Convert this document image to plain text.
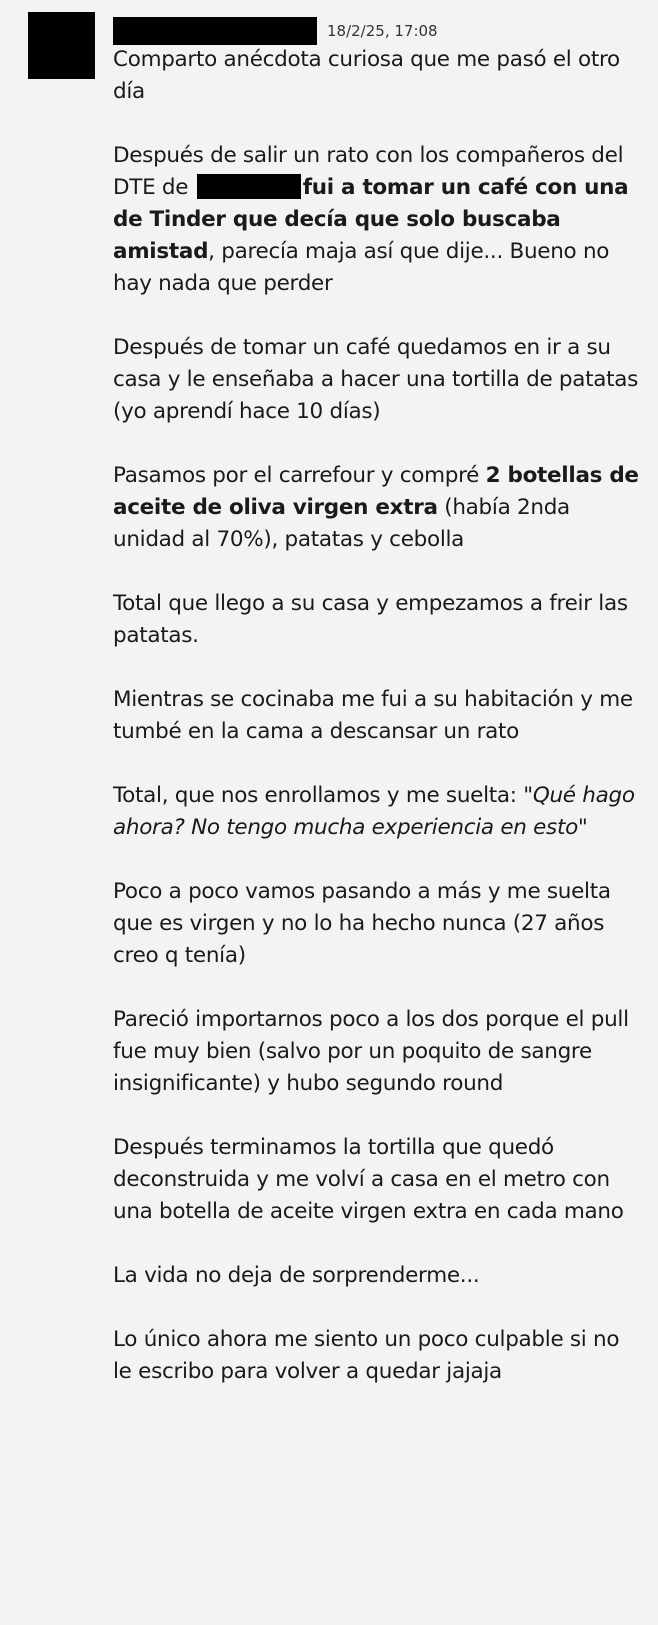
18/2/25, 17:08

Comparto anécdota curiosa que me pasó el otro día

Después de salir un rato con los compañeros del DTE de	fui a tomar un café con una de Tinder que decía que solo buscaba amistad, parecía maja así que dije... Bueno no hay nada que perder

Después de tomar un café quedamos en ir a su casa y le enseñaba a hacer una tortilla de patatas (yo aprendí hace 10 días)

Pasamos por el carrefour y compré 2 botellas de aceite de oliva virgen extra (había 2nda unidad al 70%), patatas y cebolla

Total que llego a su casa y empezamos a freir las patatas.

Mientras se cocinaba me fui a su habitación y me tumbé en la cama a descansar un rato

Total, que nos enrollamos y me suelta: "Qué hago ahora? No tengo mucha experiencia en esto"

Poco a poco vamos pasando a más y me suelta que es virgen y no lo ha hecho nunca (27 años creo q tenía)

Pareció importarnos poco a los dos porque el pull fue muy bien (salvo por un poquito de sangre insignificante) y hubo segundo round

Después terminamos la tortilla que quedó deconstruida y me volví a casa en el metro con una botella de aceite virgen extra en cada mano

La vida no deja de sorprenderme...

Lo único ahora me siento un poco culpable si no le escribo para volver a quedar jajaja
